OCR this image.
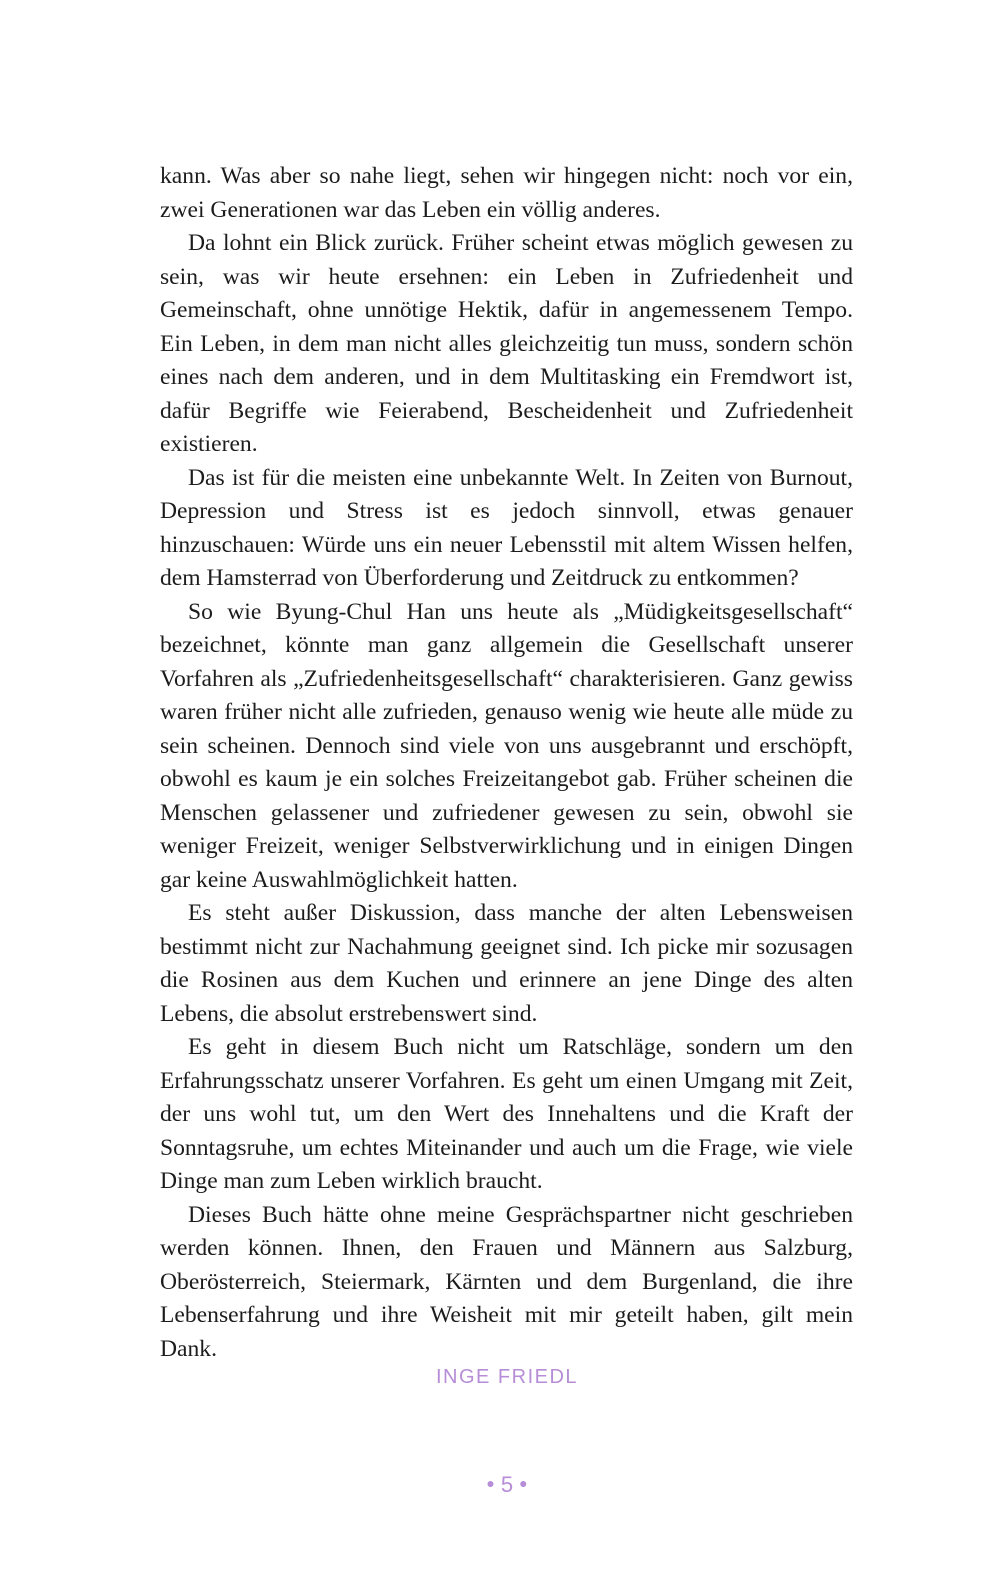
kann. Was aber so nahe liegt, sehen wir hingegen nicht: noch vor ein, zwei Generationen war das Leben ein völlig anderes.

Da lohnt ein Blick zurück. Früher scheint etwas möglich gewesen zu sein, was wir heute ersehnen: ein Leben in Zufriedenheit und Gemeinschaft, ohne unnötige Hektik, dafür in angemessenem Tempo. Ein Leben, in dem man nicht alles gleichzeitig tun muss, sondern schön eines nach dem anderen, und in dem Multitasking ein Fremdwort ist, dafür Begriffe wie Feierabend, Bescheidenheit und Zufriedenheit existieren.

Das ist für die meisten eine unbekannte Welt. In Zeiten von Burnout, Depression und Stress ist es jedoch sinnvoll, etwas genauer hinzuschauen: Würde uns ein neuer Lebensstil mit altem Wissen helfen, dem Hamsterrad von Überforderung und Zeitdruck zu entkommen?

So wie Byung-Chul Han uns heute als „Müdigkeitsgesellschaft“ bezeichnet, könnte man ganz allgemein die Gesellschaft unserer Vorfahren als „Zufriedenheitsgesellschaft“ charakterisieren. Ganz gewiss waren früher nicht alle zufrieden, genauso wenig wie heute alle müde zu sein scheinen. Dennoch sind viele von uns ausgebrannt und erschöpft, obwohl es kaum je ein solches Freizeitangebot gab. Früher scheinen die Menschen gelassener und zufriedener gewesen zu sein, obwohl sie weniger Freizeit, weniger Selbstverwirklichung und in einigen Dingen gar keine Auswahlmöglichkeit hatten.

Es steht außer Diskussion, dass manche der alten Lebensweisen bestimmt nicht zur Nachahmung geeignet sind. Ich picke mir sozusagen die Rosinen aus dem Kuchen und erinnere an jene Dinge des alten Lebens, die absolut erstrebenswert sind.

Es geht in diesem Buch nicht um Ratschläge, sondern um den Erfahrungsschatz unserer Vorfahren. Es geht um einen Umgang mit Zeit, der uns wohl tut, um den Wert des Innehaltens und die Kraft der Sonntagsruhe, um echtes Miteinander und auch um die Frage, wie viele Dinge man zum Leben wirklich braucht.

Dieses Buch hätte ohne meine Gesprächspartner nicht geschrieben werden können. Ihnen, den Frauen und Männern aus Salzburg, Oberösterreich, Steiermark, Kärnten und dem Burgenland, die ihre Lebenserfahrung und ihre Weisheit mit mir geteilt haben, gilt mein Dank.

INGE FRIEDL
● 5 ●
